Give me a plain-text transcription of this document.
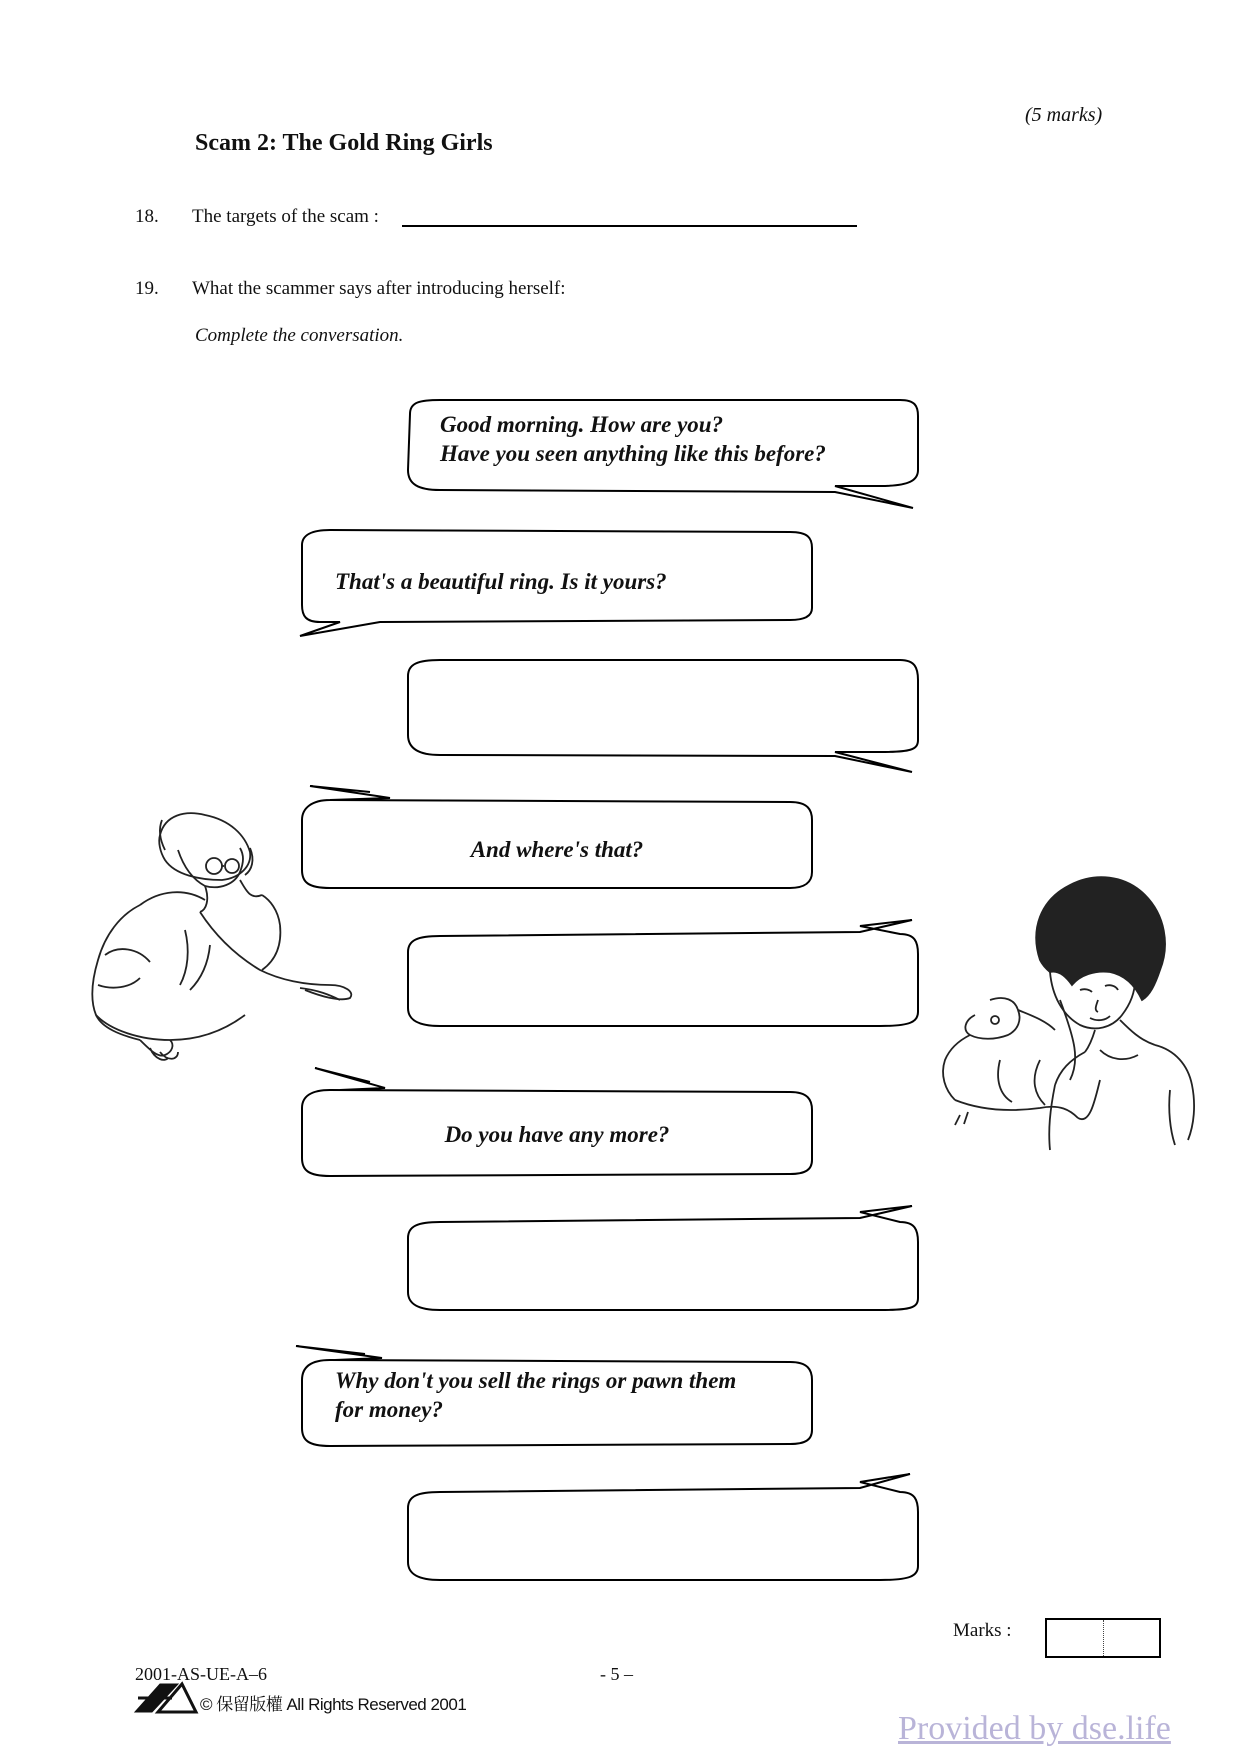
(5 marks)
Scam 2: The Gold Ring Girls
18. The targets of the scam :
19. What the scammer says after introducing herself:
Complete the conversation.
Good morning. How are you?
Have you seen anything like this before?
That's a beautiful ring. Is it yours?
And where's that?
Do you have any more?
Why don't you sell the rings or pawn them
for money?
Marks :
2001-AS-UE-A–6	- 5 –
© 保留版權 All Rights Reserved 2001
Provided by dse.life
